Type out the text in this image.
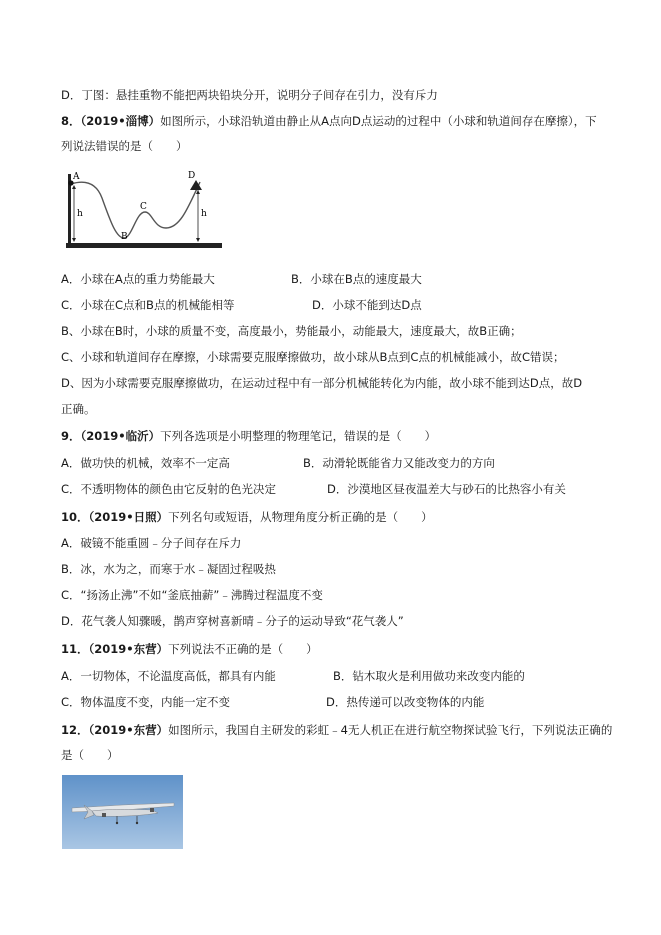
D．丁图：悬挂重物不能把两块铅块分开，说明分子间存在引力，没有斥力
8．（2019•淄博）如图所示，小球沿轨道由静止从A点向D点运动的过程中（小球和轨道间存在摩擦），下
列说法错误的是（　　）
A
B
C
D
h	h
A．小球在A点的重力势能最大	B．小球在B点的速度最大
C．小球在C点和B点的机械能相等	D．小球不能到达D点
B、小球在B时，小球的质量不变，高度最小，势能最小，动能最大，速度最大，故B正确；
C、小球和轨道间存在摩擦，小球需要克服摩擦做功，故小球从B点到C点的机械能减小，故C错误；
D、因为小球需要克服摩擦做功，在运动过程中有一部分机械能转化为内能，故小球不能到达D点，故D
正确。
9．（2019•临沂）下列各选项是小明整理的物理笔记，错误的是（　　）
A．做功快的机械，效率不一定高	B．动滑轮既能省力又能改变力的方向
C．不透明物体的颜色由它反射的色光决定	D．沙漠地区昼夜温差大与砂石的比热容小有关
10．（2019•日照）下列名句或短语，从物理角度分析正确的是（　　）
A．破镜不能重圆﹣分子间存在斥力
B．冰，水为之，而寒于水﹣凝固过程吸热
C．“扬汤止沸”不如“釜底抽薪”﹣沸腾过程温度不变
D．花气袭人知骤暖，鹊声穿树喜新晴﹣分子的运动导致“花气袭人”
11．（2019•东营）下列说法不正确的是（　　）
A．一切物体，不论温度高低，都具有内能	B．钻木取火是利用做功来改变内能的
C．物体温度不变，内能一定不变	D．热传递可以改变物体的内能
12．（2019•东营）如图所示，我国自主研发的彩虹﹣4无人机正在进行航空物探试验飞行，下列说法正确的
是（　　）
